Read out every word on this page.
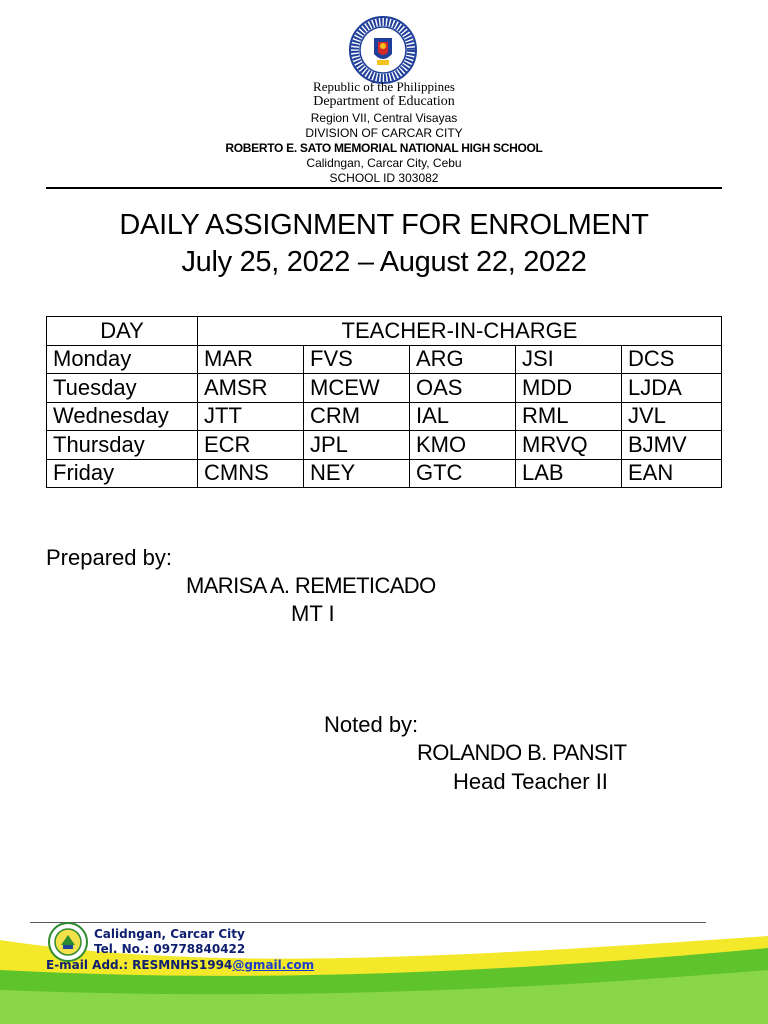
Republic of the Philippines
Department of Education
Region VII, Central Visayas
DIVISION OF CARCAR CITY
ROBERTO E. SATO MEMORIAL NATIONAL HIGH SCHOOL
Calidngan, Carcar City, Cebu
SCHOOL ID 303082
DAILY ASSIGNMENT FOR ENROLMENT
July 25, 2022 – August 22, 2022
DAY	TEACHER-IN-CHARGE				
Monday	MAR	FVS	ARG	JSI	DCS
Tuesday	AMSR	MCEW	OAS	MDD	LJDA
Wednesday	JTT	CRM	IAL	RML	JVL
Thursday	ECR	JPL	KMO	MRVQ	BJMV
Friday	CMNS	NEY	GTC	LAB	EAN
Prepared by:
MARISA A. REMETICADO
MT I
Noted by:
ROLANDO B. PANSIT
Head Teacher II
Calidngan, Carcar City
Tel. No.: 09778840422
E-mail Add.: RESMNHS1994@gmail.com
